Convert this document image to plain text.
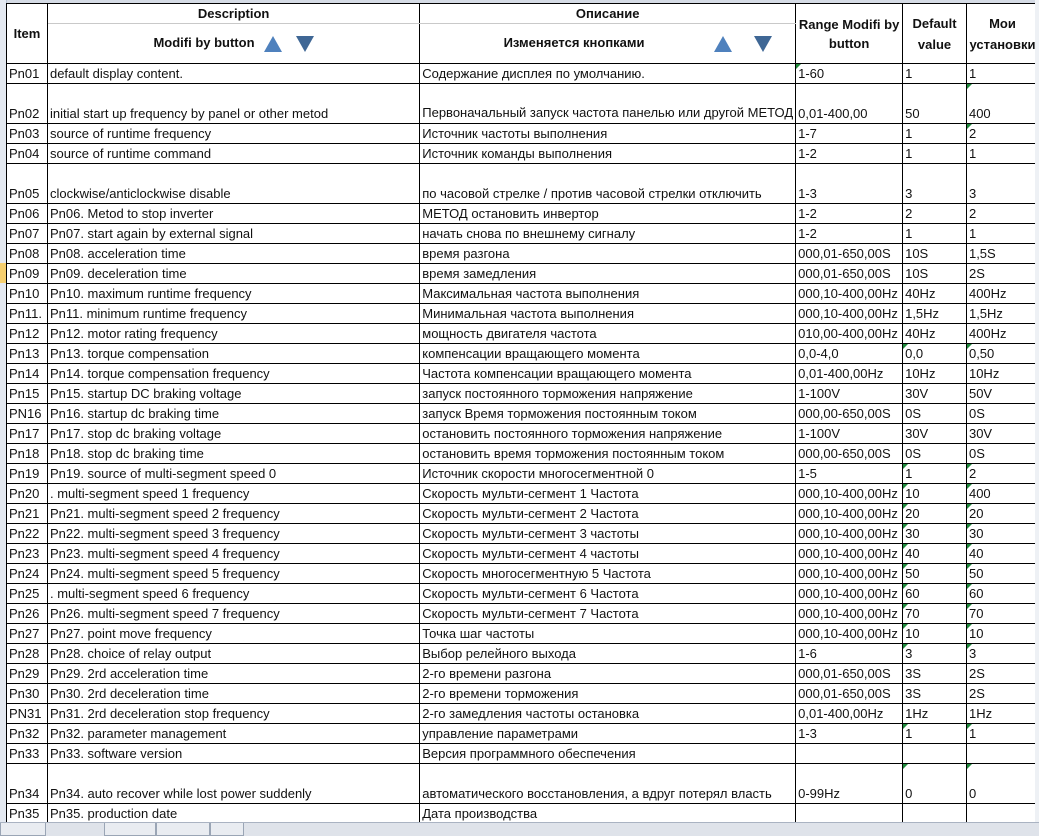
Item	Description	Описание	Range Modifi by button	Default value	Мои установки
	Modifi by button	Изменяется кнопками			
Pn01	default display content.	Содержание дисплея по умолчанию.	1-60	1	1
Pn02	initial start up frequency by panel or other metod	Первоначальный запуск частота панелью или другой МЕТОД	0,01-400,00	50	400
Pn03	source of runtime frequency	Источник частоты выполнения	1-7	1	2
Pn04	source of runtime command	Источник команды выполнения	1-2	1	1
Pn05	clockwise/anticlockwise disable	по часовой стрелке / против часовой стрелки отключить	1-3	3	3
Pn06	Pn06. Metod to stop inverter	МЕТОД остановить инвертор	1-2	2	2
Pn07	Pn07. start again by external signal	начать снова по внешнему сигналу	1-2	1	1
Pn08	Pn08. acceleration time	время разгона	000,01-650,00S	10S	1,5S
Pn09	Pn09. deceleration time	время замедления	000,01-650,00S	10S	2S
Pn10	Pn10. maximum runtime frequency	Максимальная частота выполнения	000,10-400,00Hz	40Hz	400Hz
Pn11.	Pn11. minimum runtime frequency	Минимальная частота выполнения	000,10-400,00Hz	1,5Hz	1,5Hz
Pn12	Pn12. motor rating frequency	мощность двигателя частота	010,00-400,00Hz	40Hz	400Hz
Pn13	Pn13. torque compensation	компенсации вращающего момента	0,0-4,0	0,0	0,50
Pn14	Pn14. torque compensation frequency	Частота компенсации вращающего момента	0,01-400,00Hz	10Hz	10Hz
Pn15	Pn15. startup DC braking voltage	запуск постоянного торможения напряжение	1-100V	30V	50V
PN16	Pn16. startup dc braking time	запуск Время торможения постоянным током	000,00-650,00S	0S	0S
Pn17	Pn17. stop dc braking voltage	остановить постоянного торможения напряжение	1-100V	30V	30V
Pn18	Pn18. stop dc braking time	остановить время торможения постоянным током	000,00-650,00S	0S	0S
Pn19	Pn19. source of multi-segment speed 0	Источник скорости многосегментной 0	1-5	1	2
Pn20	. multi-segment speed 1 frequency	Скорость мульти-сегмент 1 Частота	000,10-400,00Hz	10	400
Pn21	Pn21. multi-segment speed 2 frequency	Скорость мульти-сегмент 2 Частота	000,10-400,00Hz	20	20
Pn22	Pn22. multi-segment speed 3 frequency	Скорость мульти-сегмент 3 частоты	000,10-400,00Hz	30	30
Pn23	Pn23. multi-segment speed 4 frequency	Скорость мульти-сегмент 4 частоты	000,10-400,00Hz	40	40
Pn24	Pn24. multi-segment speed 5 frequency	Скорость многосегментную 5 Частота	000,10-400,00Hz	50	50
Pn25	. multi-segment speed 6 frequency	Скорость мульти-сегмент 6 Частота	000,10-400,00Hz	60	60
Pn26	Pn26. multi-segment speed 7 frequency	Скорость мульти-сегмент 7 Частота	000,10-400,00Hz	70	70
Pn27	Pn27. point move frequency	Точка шаг частоты	000,10-400,00Hz	10	10
Pn28	Pn28. choice of relay output	Выбор релейного выхода	1-6	3	3
Pn29	Pn29. 2rd acceleration time	2-го времени разгона	000,01-650,00S	3S	2S
Pn30	Pn30. 2rd deceleration time	2-го времени торможения	000,01-650,00S	3S	2S
PN31	Pn31. 2rd deceleration stop frequency	2-го замедления частоты остановка	0,01-400,00Hz	1Hz	1Hz
Pn32	Pn32. parameter management	управление параметрами	1-3	1	1
Pn33	Pn33. software version	Версия программного обеспечения			
Pn34	Pn34. auto recover while lost power suddenly	автоматического восстановления, а вдруг потерял власть	0-99Hz	0	0
Pn35	Pn35. production date	Дата производства			
